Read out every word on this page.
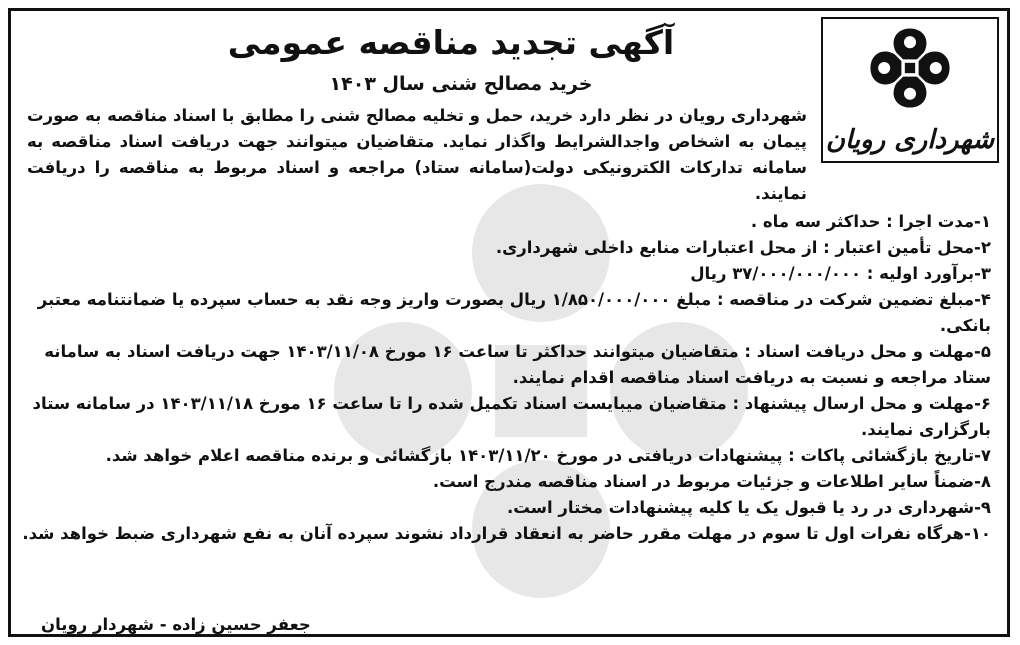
شهرداری رویان
آگهی تجدید مناقصه عمومی
خرید مصالح شنی سال ۱۴۰۳
شهرداری رویان در نظر دارد خرید، حمل و تخلیه مصالح شنی را مطابق با اسناد مناقصه به صورت پیمان به اشخاص واجدالشرایط واگذار نماید. متقاضیان میتوانند جهت دریافت اسناد مناقصه به سامانه تدارکات الکترونیکی دولت(سامانه ستاد) مراجعه و اسناد مربوط به مناقصه را دریافت نمایند.
۱-مدت اجرا : حداکثر سه ماه .
۲-محل تأمین اعتبار : از محل اعتبارات منابع داخلی شهرداری.
۳-برآورد اولیه : ۳۷/۰۰۰/۰۰۰/۰۰۰ ریال
۴-مبلغ تضمین شرکت در مناقصه : مبلغ ۱/۸۵۰/۰۰۰/۰۰۰ ریال بصورت واریز وجه نقد به حساب سپرده یا ضمانتنامه معتبر بانکی.
۵-مهلت و محل دریافت اسناد : متقاضیان میتوانند حداکثر تا ساعت ۱۶ مورخ ۱۴۰۳/۱۱/۰۸ جهت دریافت اسناد به سامانه ستاد مراجعه و نسبت به دریافت اسناد مناقصه اقدام نمایند.
۶-مهلت و محل ارسال پیشنهاد : متقاضیان میبایست اسناد تکمیل شده را تا ساعت ۱۶ مورخ ۱۴۰۳/۱۱/۱۸ در سامانه ستاد بارگزاری نمایند.
۷-تاریخ بازگشائی پاکات : پیشنهادات دریافتی در مورخ ۱۴۰۳/۱۱/۲۰ بازگشائی و برنده مناقصه اعلام خواهد شد.
۸-ضمناً سایر اطلاعات و جزئیات مربوط در اسناد مناقصه مندرج است.
۹-شهرداری در رد یا قبول یک یا کلیه پیشنهادات مختار است.
۱۰-هرگاه نفرات اول تا سوم در مهلت مقرر حاضر به انعقاد قرارداد نشوند سپرده آنان به نفع شهرداری ضبط خواهد شد.
جعفر حسین زاده - شهردار رویان
